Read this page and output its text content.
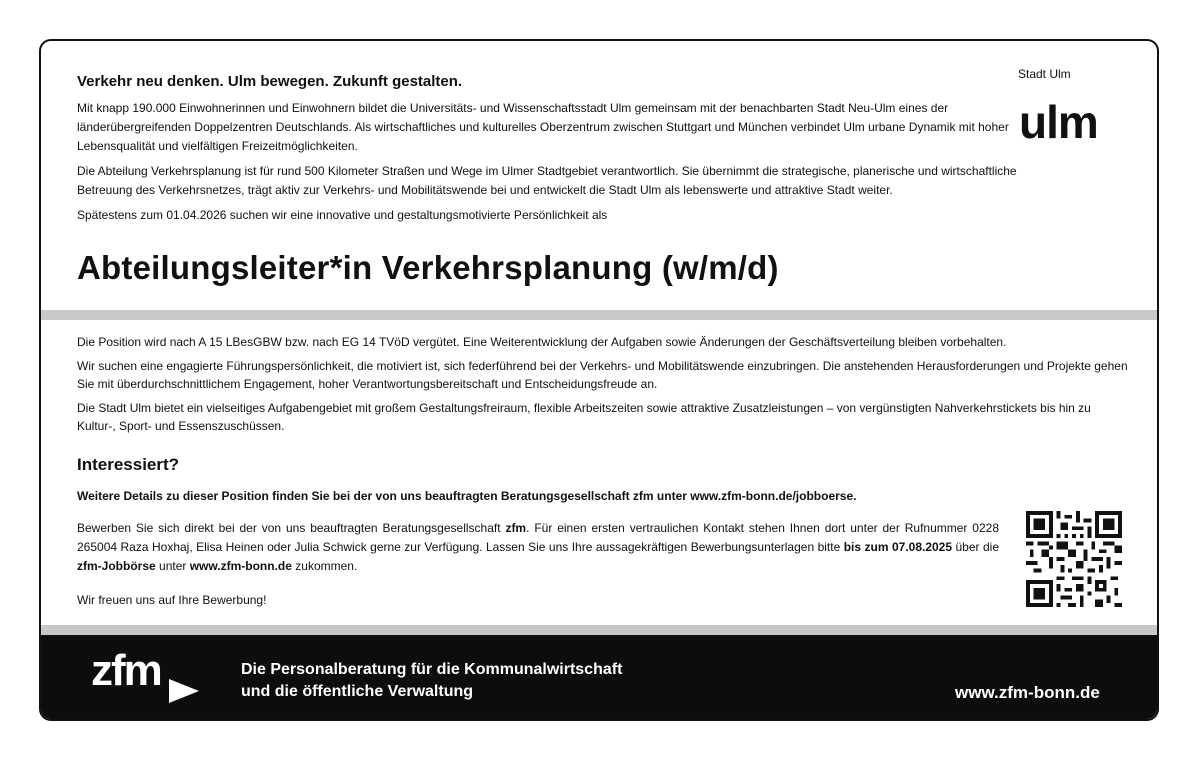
Verkehr neu denken. Ulm bewegen. Zukunft gestalten.

Mit knapp 190.000 Einwohnerinnen und Einwohnern bildet die Universitäts- und Wissenschaftsstadt Ulm gemeinsam mit der benachbarten Stadt Neu-Ulm eines der länderübergreifenden Doppelzentren Deutschlands. Als wirtschaftliches und kulturelles Oberzentrum zwischen Stuttgart und München verbindet Ulm urbane Dynamik mit hoher Lebensqualität und vielfältigen Freizeitmöglichkeiten.

Die Abteilung Verkehrsplanung ist für rund 500 Kilometer Straßen und Wege im Ulmer Stadtgebiet verantwortlich. Sie übernimmt die strategische, planerische und wirtschaftliche Betreuung des Verkehrsnetzes, trägt aktiv zur Verkehrs- und Mobilitätswende bei und entwickelt die Stadt Ulm als lebenswerte und attraktive Stadt weiter.

Spätestens zum 01.04.2026 suchen wir eine innovative und gestaltungsmotivierte Persönlichkeit als

Stadt Ulm
ulm
Abteilungsleiter*in Verkehrsplanung (w/m/d)

Die Position wird nach A 15 LBesGBW bzw. nach EG 14 TVöD vergütet. Eine Weiterentwicklung der Aufgaben sowie Änderungen der Geschäftsverteilung bleiben vorbehalten.

Wir suchen eine engagierte Führungspersönlichkeit, die motiviert ist, sich federführend bei der Verkehrs- und Mobilitätswende einzubringen. Die anstehenden Herausforderungen und Projekte gehen Sie mit überdurchschnittlichem Engagement, hoher Verantwortungsbereitschaft und Entscheidungsfreude an.

Die Stadt Ulm bietet ein vielseitiges Aufgabengebiet mit großem Gestaltungsfreiraum, flexible Arbeitszeiten sowie attraktive Zusatzleistungen – von vergünstigten Nahverkehrstickets bis hin zu Kultur-, Sport- und Essenszuschüssen.

Interessiert?

Weitere Details zu dieser Position finden Sie bei der von uns beauftragten Beratungsgesellschaft zfm unter www.zfm-bonn.de/jobboerse.

Bewerben Sie sich direkt bei der von uns beauftragten Beratungsgesellschaft zfm. Für einen ersten vertraulichen Kontakt stehen Ihnen dort unter der Rufnummer 0228 265004 Raza Hoxhaj, Elisa Heinen oder Julia Schwick gerne zur Verfügung. Lassen Sie uns Ihre aussagekräftigen Bewerbungsunterlagen bitte bis zum 07.08.2025 über die zfm-Jobbörse unter www.zfm-bonn.de zukommen.

Wir freuen uns auf Ihre Bewerbung!

zfm	Die Personalberatung für die Kommunalwirtschaft
und die öffentliche Verwaltung	www.zfm-bonn.de
